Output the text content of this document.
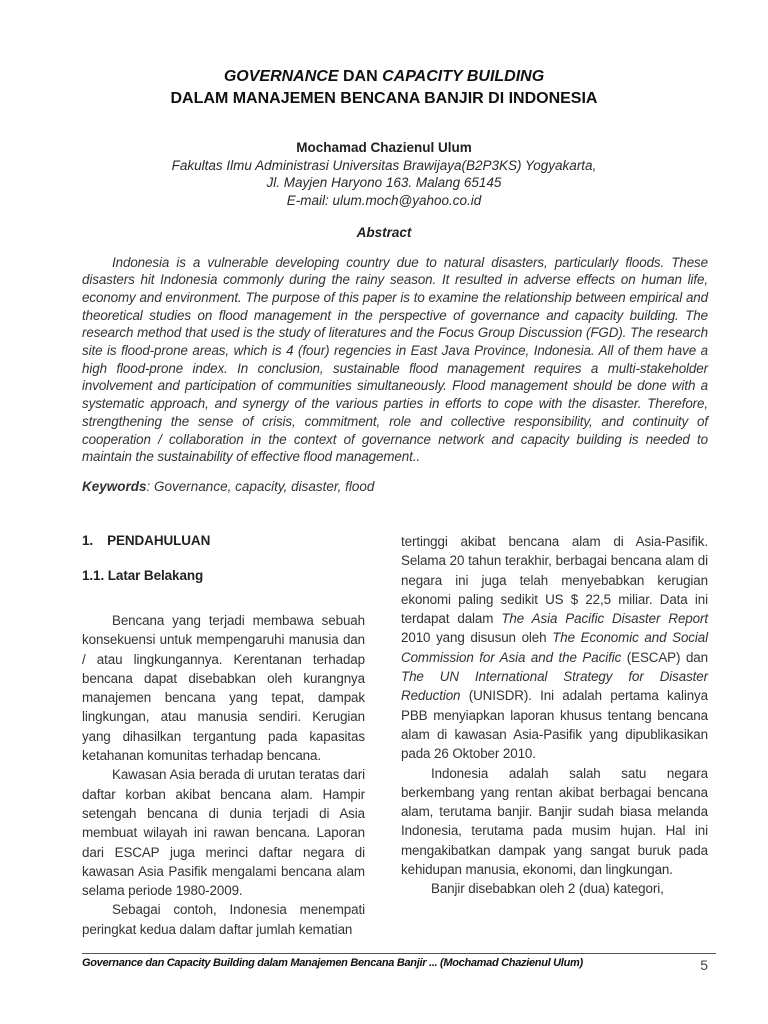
GOVERNANCE DAN CAPACITY BUILDING
DALAM MANAJEMEN BENCANA BANJIR DI INDONESIA
Mochamad Chazienul Ulum
Fakultas Ilmu Administrasi Universitas Brawijaya(B2P3KS) Yogyakarta,
Jl. Mayjen Haryono 163. Malang 65145
E-mail: ulum.moch@yahoo.co.id
Abstract

Indonesia is a vulnerable developing country due to natural disasters, particularly floods. These disasters hit Indonesia commonly during the rainy season. It resulted in adverse effects on human life, economy and environment. The purpose of this paper is to examine the relationship between empirical and theoretical studies on flood management in the perspective of governance and capacity building. The research method that used is the study of literatures and the Focus Group Discussion (FGD). The research site is flood-prone areas, which is 4 (four) regencies in East Java Province, Indonesia. All of them have a high flood-prone index. In conclusion, sustainable flood management requires a multi-stakeholder involvement and participation of communities simultaneously. Flood management should be done with a systematic approach, and synergy of the various parties in efforts to cope with the disaster. Therefore, strengthening the sense of crisis, commitment, role and collective responsibility, and continuity of cooperation / collaboration in the context of governance network and capacity building is needed to maintain the sustainability of effective flood management..

Keywords: Governance, capacity, disaster, flood
1. PENDAHULUAN
1.1. Latar Belakang

Bencana yang terjadi membawa sebuah konsekuensi untuk mempengaruhi manusia dan / atau lingkungannya. Kerentanan terhadap bencana dapat disebabkan oleh kurangnya manajemen bencana yang tepat, dampak lingkungan, atau manusia sendiri. Kerugian yang dihasilkan tergantung pada kapasitas ketahanan komunitas terhadap bencana.

Kawasan Asia berada di urutan teratas dari daftar korban akibat bencana alam. Hampir setengah bencana di dunia terjadi di Asia membuat wilayah ini rawan bencana. Laporan dari ESCAP juga merinci daftar negara di kawasan Asia Pasifik mengalami bencana alam selama periode 1980-2009.

Sebagai contoh, Indonesia menempati peringkat kedua dalam daftar jumlah kematian

tertinggi akibat bencana alam di Asia-Pasifik. Selama 20 tahun terakhir, berbagai bencana alam di negara ini juga telah menyebabkan kerugian ekonomi paling sedikit US $ 22,5 miliar. Data ini terdapat dalam The Asia Pacific Disaster Report 2010 yang disusun oleh The Economic and Social Commission for Asia and the Pacific (ESCAP) dan The UN International Strategy for Disaster Reduction (UNISDR). Ini adalah pertama kalinya PBB menyiapkan laporan khusus tentang bencana alam di kawasan Asia-Pasifik yang dipublikasikan pada 26 Oktober 2010.

Indonesia adalah salah satu negara berkembang yang rentan akibat berbagai bencana alam, terutama banjir. Banjir sudah biasa melanda Indonesia, terutama pada musim hujan. Hal ini mengakibatkan dampak yang sangat buruk pada kehidupan manusia, ekonomi, dan lingkungan.

Banjir disebabkan oleh 2 (dua) kategori,

Governance dan Capacity Building dalam Manajemen Bencana Banjir ... (Mochamad Chazienul Ulum)	5
